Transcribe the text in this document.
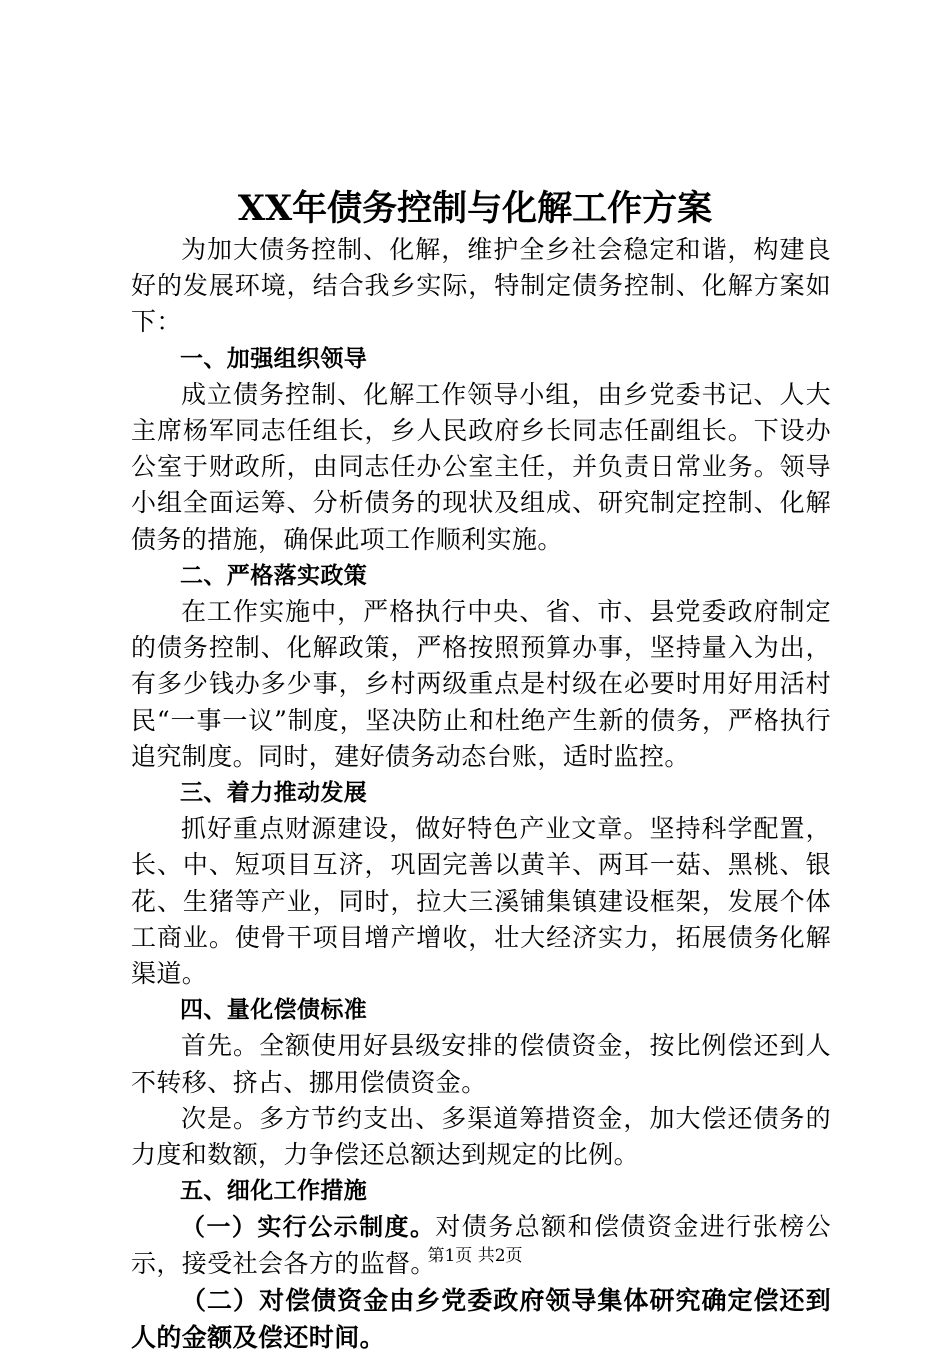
XX年债务控制与化解工作方案

为加大债务控制、化解，维护全乡社会稳定和谐，构建良好的发展环境，结合我乡实际，特制定债务控制、化解方案如下：

一、加强组织领导

成立债务控制、化解工作领导小组，由乡党委书记、人大主席杨军同志任组长，乡人民政府乡长同志任副组长。下设办公室于财政所，由同志任办公室主任，并负责日常业务。领导小组全面运筹、分析债务的现状及组成、研究制定控制、化解债务的措施，确保此项工作顺利实施。

二、严格落实政策

在工作实施中，严格执行中央、省、市、县党委政府制定的债务控制、化解政策，严格按照预算办事，坚持量入为出，有多少钱办多少事，乡村两级重点是村级在必要时用好用活村民“一事一议”制度，坚决防止和杜绝产生新的债务，严格执行追究制度。同时，建好债务动态台账，适时监控。

三、着力推动发展

抓好重点财源建设，做好特色产业文章。坚持科学配置，长、中、短项目互济，巩固完善以黄羊、两耳一菇、黑桃、银花、生猪等产业，同时，拉大三溪铺集镇建设框架，发展个体工商业。使骨干项目增产增收，壮大经济实力，拓展债务化解渠道。

四、量化偿债标准

首先。全额使用好县级安排的偿债资金，按比例偿还到人不转移、挤占、挪用偿债资金。

次是。多方节约支出、多渠道筹措资金，加大偿还债务的力度和数额，力争偿还总额达到规定的比例。

五、细化工作措施

（一）实行公示制度。对债务总额和偿债资金进行张榜公示，接受社会各方的监督。

（二）对偿债资金由乡党委政府领导集体研究确定偿还到人的金额及偿还时间。

第1页 共2页
